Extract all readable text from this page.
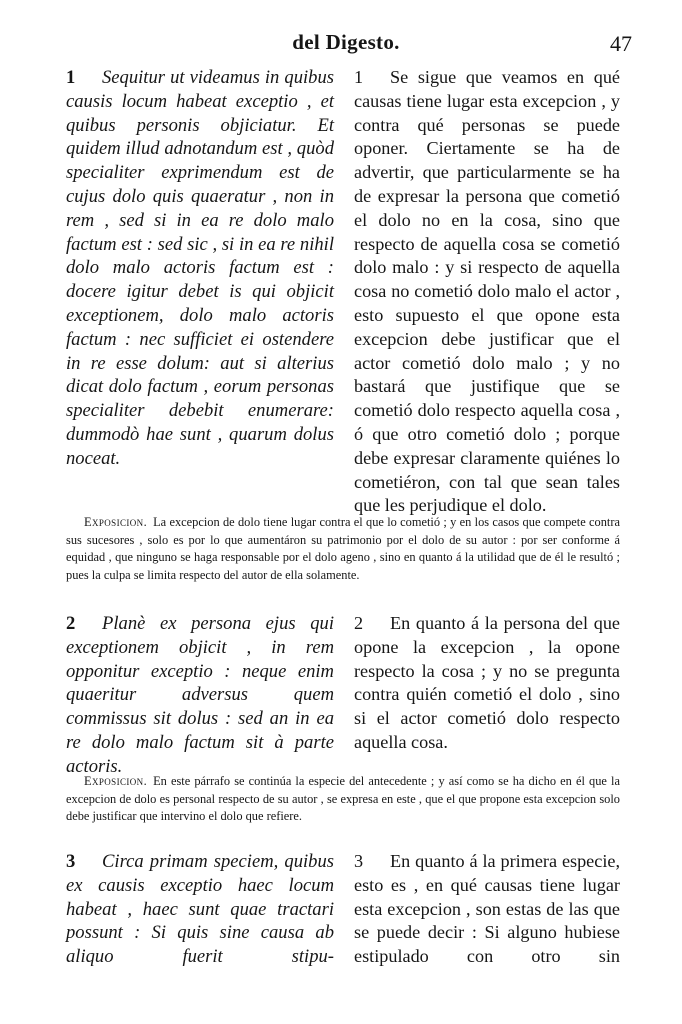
del Digesto.	47

1 Sequitur ut videamus in quibus causis locum habeat exceptio , et quibus personis objiciatur. Et quidem illud adnotandum est , quòd specialiter exprimendum est de cujus dolo quis quaeratur , non in rem , sed si in ea re dolo malo factum est : sed sic , si in ea re nihil dolo malo actoris factum est : docere igitur debet is qui objicit exceptionem, dolo malo actoris factum : nec sufficiet ei ostendere in re esse dolum: aut si alterius dicat dolo factum , eorum personas specialiter debebit enumerare: dummodò hae sunt , quarum dolus noceat.

1 Se sigue que veamos en qué causas tiene lugar esta excepcion , y contra qué personas se puede oponer. Ciertamente se ha de advertir, que particularmente se ha de expresar la persona que cometió el dolo no en la cosa, sino que respecto de aquella cosa se cometió dolo malo : y si respecto de aquella cosa no cometió dolo malo el actor , esto supuesto el que opone esta excepcion debe justificar que el actor cometió dolo malo ; y no bastará que justifique que se cometió dolo respecto aquella cosa , ó que otro cometió dolo ; porque debe expresar claramente quiénes lo cometiéron, con tal que sean tales que les perjudique el dolo.

Exposicion. La excepcion de dolo tiene lugar contra el que lo cometió ; y en los casos que compete contra sus sucesores , solo es por lo que aumentáron su patrimonio por el dolo de su autor : por ser conforme á equidad , que ninguno se haga responsable por el dolo ageno , sino en quanto á la utilidad que de él le resultó ; pues la culpa se limita respecto del autor de ella solamente.

2 Planè ex persona ejus qui exceptionem objicit , in rem opponitur exceptio : neque enim quaeritur adversus quem commissus sit dolus : sed an in ea re dolo malo factum sit à parte actoris.

2 En quanto á la persona del que opone la excepcion , la opone respecto la cosa ; y no se pregunta contra quién cometió el dolo , sino si el actor cometió dolo respecto aquella cosa.

Exposicion. En este párrafo se continúa la especie del antecedente ; y así como se ha dicho en él que la excepcion de dolo es personal respecto de su autor , se expresa en este , que el que propone esta excepcion solo debe justificar que intervino el dolo que refiere.

3 Circa primam speciem, quibus ex causis exceptio haec locum habeat , haec sunt quae tractari possunt : Si quis sine causa ab aliquo fuerit stipu-

3 En quanto á la primera especie, esto es , en qué causas tiene lugar esta excepcion , son estas de las que se puede decir : Si alguno hubiese estipulado con otro sin
